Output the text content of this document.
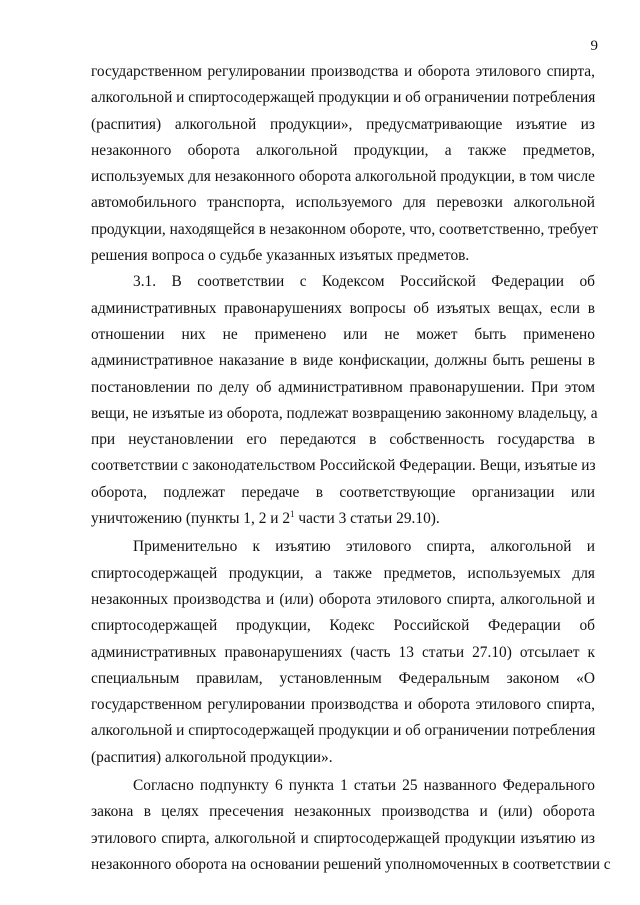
9
государственном регулировании производства и оборота этилового спирта,
алкогольной и спиртосодержащей продукции и об ограничении потребления
(распития) алкогольной продукции», предусматривающие изъятие из
незаконного оборота алкогольной продукции, а также предметов,
используемых для незаконного оборота алкогольной продукции, в том числе
автомобильного транспорта, используемого для перевозки алкогольной
продукции, находящейся в незаконном обороте, что, соответственно, требует
решения вопроса о судьбе указанных изъятых предметов.
3.1. В соответствии с Кодексом Российской Федерации об
административных правонарушениях вопросы об изъятых вещах, если в
отношении них не применено или не может быть применено
административное наказание в виде конфискации, должны быть решены в
постановлении по делу об административном правонарушении. При этом
вещи, не изъятые из оборота, подлежат возвращению законному владельцу, а
при неустановлении его передаются в собственность государства в
соответствии с законодательством Российской Федерации. Вещи, изъятые из
оборота, подлежат передаче в соответствующие организации или
уничтожению (пункты 1, 2 и $2^1$ части 3 статьи 29.10).
Применительно к изъятию этилового спирта, алкогольной и
спиртосодержащей продукции, а также предметов, используемых для
незаконных производства и (или) оборота этилового спирта, алкогольной и
спиртосодержащей продукции, Кодекс Российской Федерации об
административных правонарушениях (часть 13 статьи 27.10) отсылает к
специальным правилам, установленным Федеральным законом «О
государственном регулировании производства и оборота этилового спирта,
алкогольной и спиртосодержащей продукции и об ограничении потребления
(распития) алкогольной продукции».
Согласно подпункту 6 пункта 1 статьи 25 названного Федерального
закона в целях пресечения незаконных производства и (или) оборота
этилового спирта, алкогольной и спиртосодержащей продукции изъятию из
незаконного оборота на основании решений уполномоченных в соответствии с
